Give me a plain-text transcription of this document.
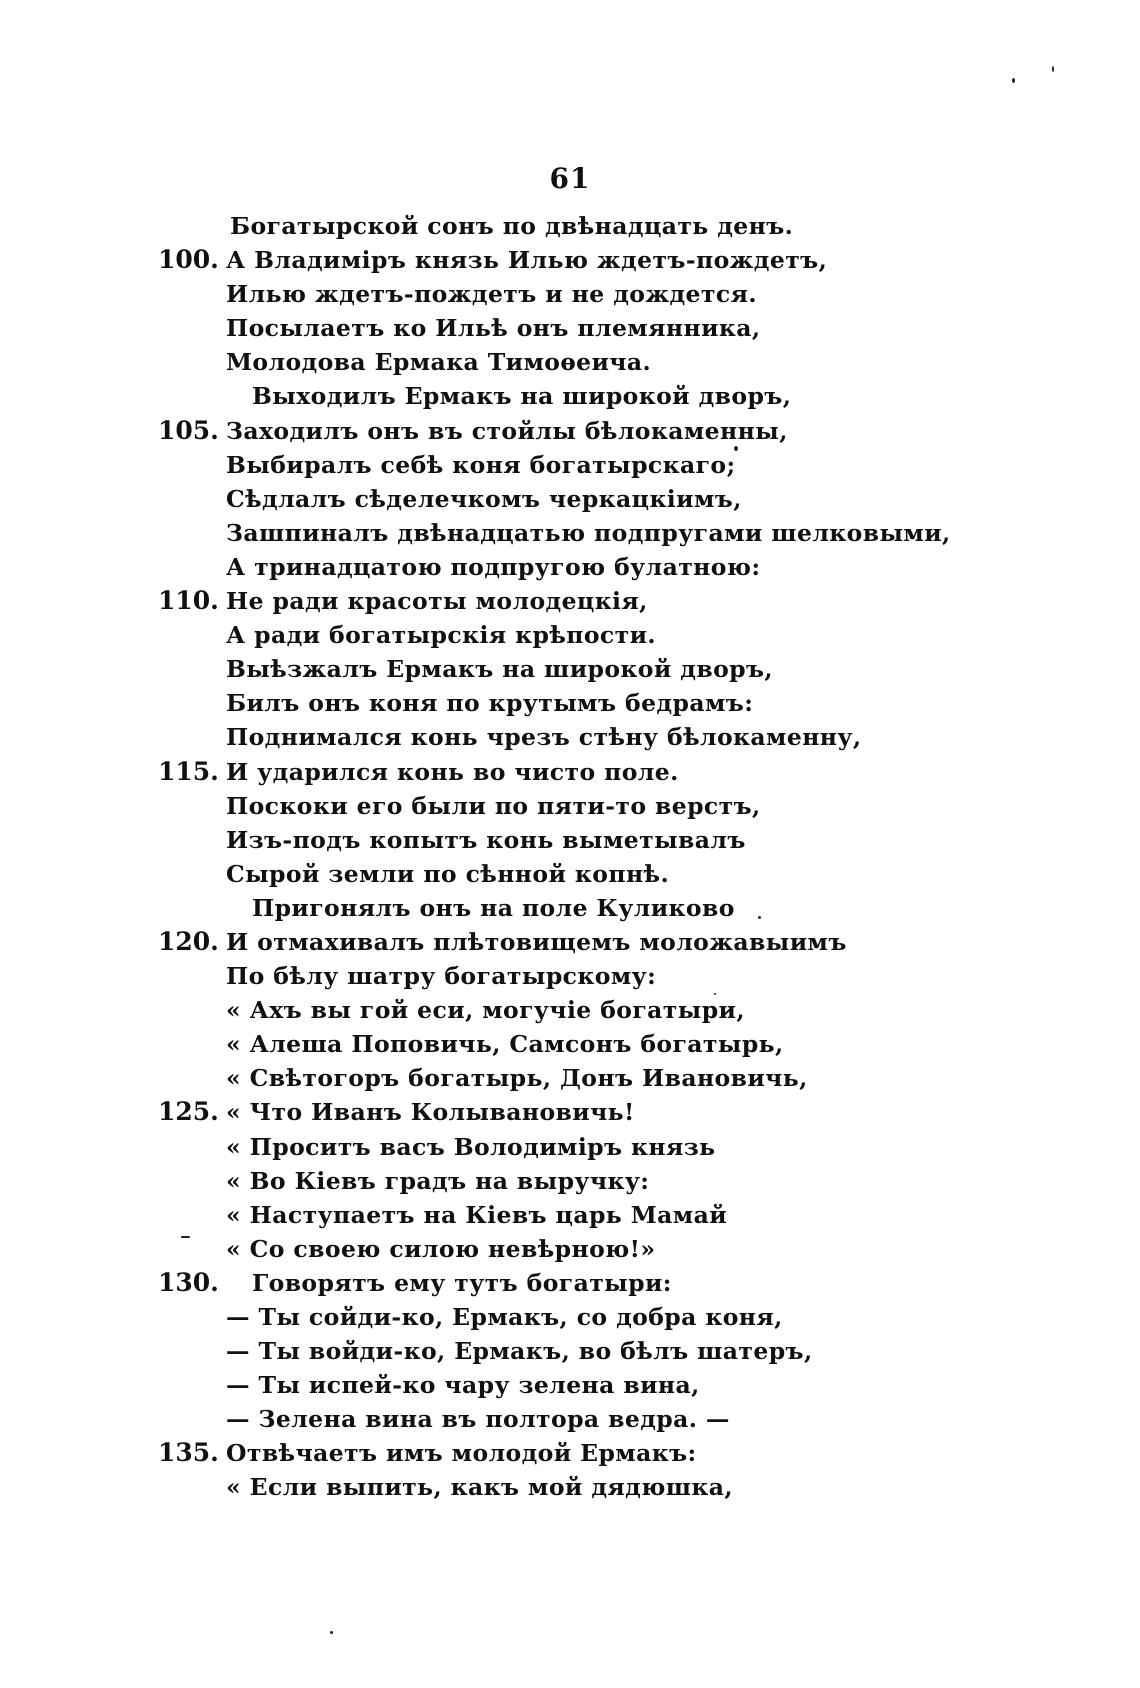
61
Богатырской сонъ по двѣнадцать денъ.
100. А Владиміръ князь Илью ждетъ-пождетъ,
Илью ждетъ-пождетъ и не дождется.
Посылаетъ ко Ильѣ онъ племянника,
Молодова Ермака Тимоѳеича.
Выходилъ Ермакъ на широкой дворъ,
105. Заходилъ онъ въ стойлы бѣлокаменны,
Выбиралъ себѣ коня богатырскаго;
Сѣдлалъ сѣделечкомъ черкацкіимъ,
Зашпиналъ двѣнадцатью подпругами шелковыми,
А тринадцатою подпругою булатною:
110. Не ради красоты молодецкія,
А ради богатырскія крѣпости.
Выѣзжалъ Ермакъ на широкой дворъ,
Билъ онъ коня по крутымъ бедрамъ:
Поднимался конь чрезъ стѣну бѣлокаменну,
115. И ударился конь во чисто поле.
Поскоки его были по пяти-то верстъ,
Изъ-подъ копытъ конь выметывалъ
Сырой земли по сѣнной копнѣ.
Пригонялъ онъ на поле Куликово
120. И отмахивалъ плѣтовищемъ моложавыимъ
По бѣлу шатру богатырскому:
« Ахъ вы гой еси, могучіе богатыри,
« Алеша Поповичь, Самсонъ богатырь,
« Свѣтогоръ богатырь, Донъ Ивановичь,
125. « Что Иванъ Колывановичь!
« Проситъ васъ Володиміръ князь
« Во Кіевъ градъ на выручку:
« Наступаетъ на Кіевъ царь Мамай
« Со своею силою невѣрною!»
130. Говорятъ ему тутъ богатыри:
— Ты сойди-ко, Ермакъ, со добра коня,
— Ты войди-ко, Ермакъ, во бѣлъ шатеръ,
— Ты испей-ко чару зелена вина,
— Зелена вина въ полтора ведра. —
135. Отвѣчаетъ имъ молодой Ермакъ:
« Если выпить, какъ мой дядюшка,
